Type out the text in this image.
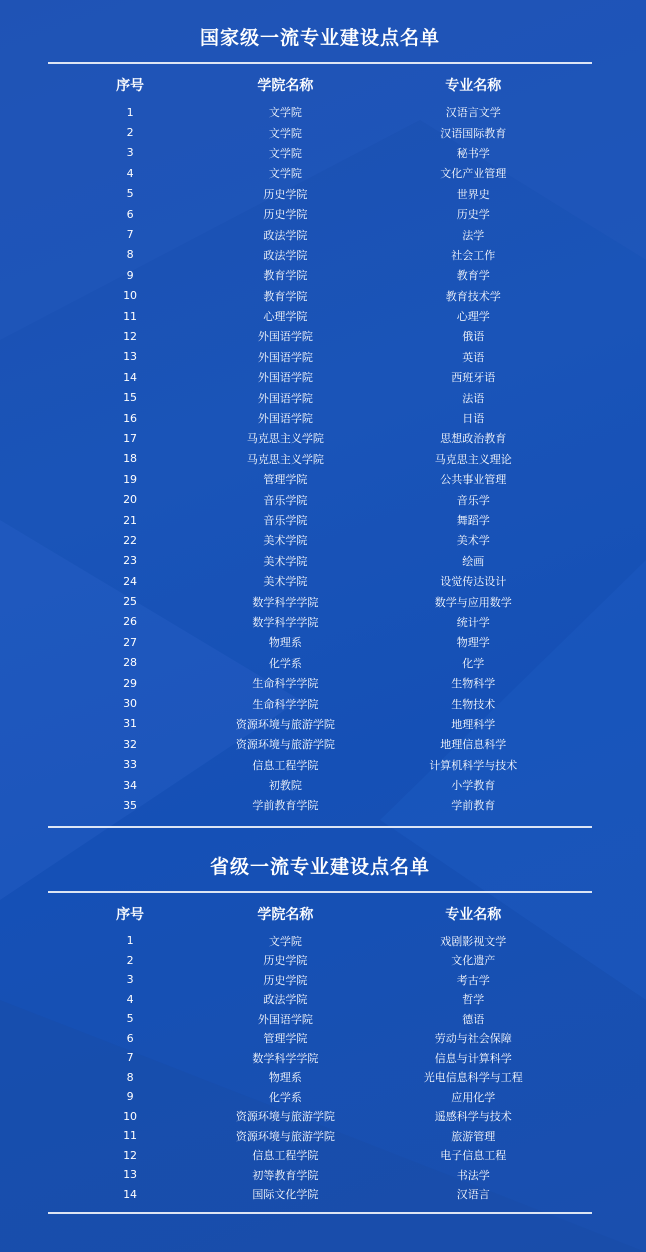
国家级一流专业建设点名单
序号	学院名称	专业名称
1	文学院	汉语言文学
2	文学院	汉语国际教育
3	文学院	秘书学
4	文学院	文化产业管理
5	历史学院	世界史
6	历史学院	历史学
7	政法学院	法学
8	政法学院	社会工作
9	教育学院	教育学
10	教育学院	教育技术学
11	心理学院	心理学
12	外国语学院	俄语
13	外国语学院	英语
14	外国语学院	西班牙语
15	外国语学院	法语
16	外国语学院	日语
17	马克思主义学院	思想政治教育
18	马克思主义学院	马克思主义理论
19	管理学院	公共事业管理
20	音乐学院	音乐学
21	音乐学院	舞蹈学
22	美术学院	美术学
23	美术学院	绘画
24	美术学院	设觉传达设计
25	数学科学学院	数学与应用数学
26	数学科学学院	统计学
27	物理系	物理学
28	化学系	化学
29	生命科学学院	生物科学
30	生命科学学院	生物技术
31	资源环境与旅游学院	地理科学
32	资源环境与旅游学院	地理信息科学
33	信息工程学院	计算机科学与技术
34	初教院	小学教育
35	学前教育学院	学前教育
省级一流专业建设点名单
序号	学院名称	专业名称
1	文学院	戏剧影视文学
2	历史学院	文化遗产
3	历史学院	考古学
4	政法学院	哲学
5	外国语学院	德语
6	管理学院	劳动与社会保障
7	数学科学学院	信息与计算科学
8	物理系	光电信息科学与工程
9	化学系	应用化学
10	资源环境与旅游学院	遥感科学与技术
11	资源环境与旅游学院	旅游管理
12	信息工程学院	电子信息工程
13	初等教育学院	书法学
14	国际文化学院	汉语言
